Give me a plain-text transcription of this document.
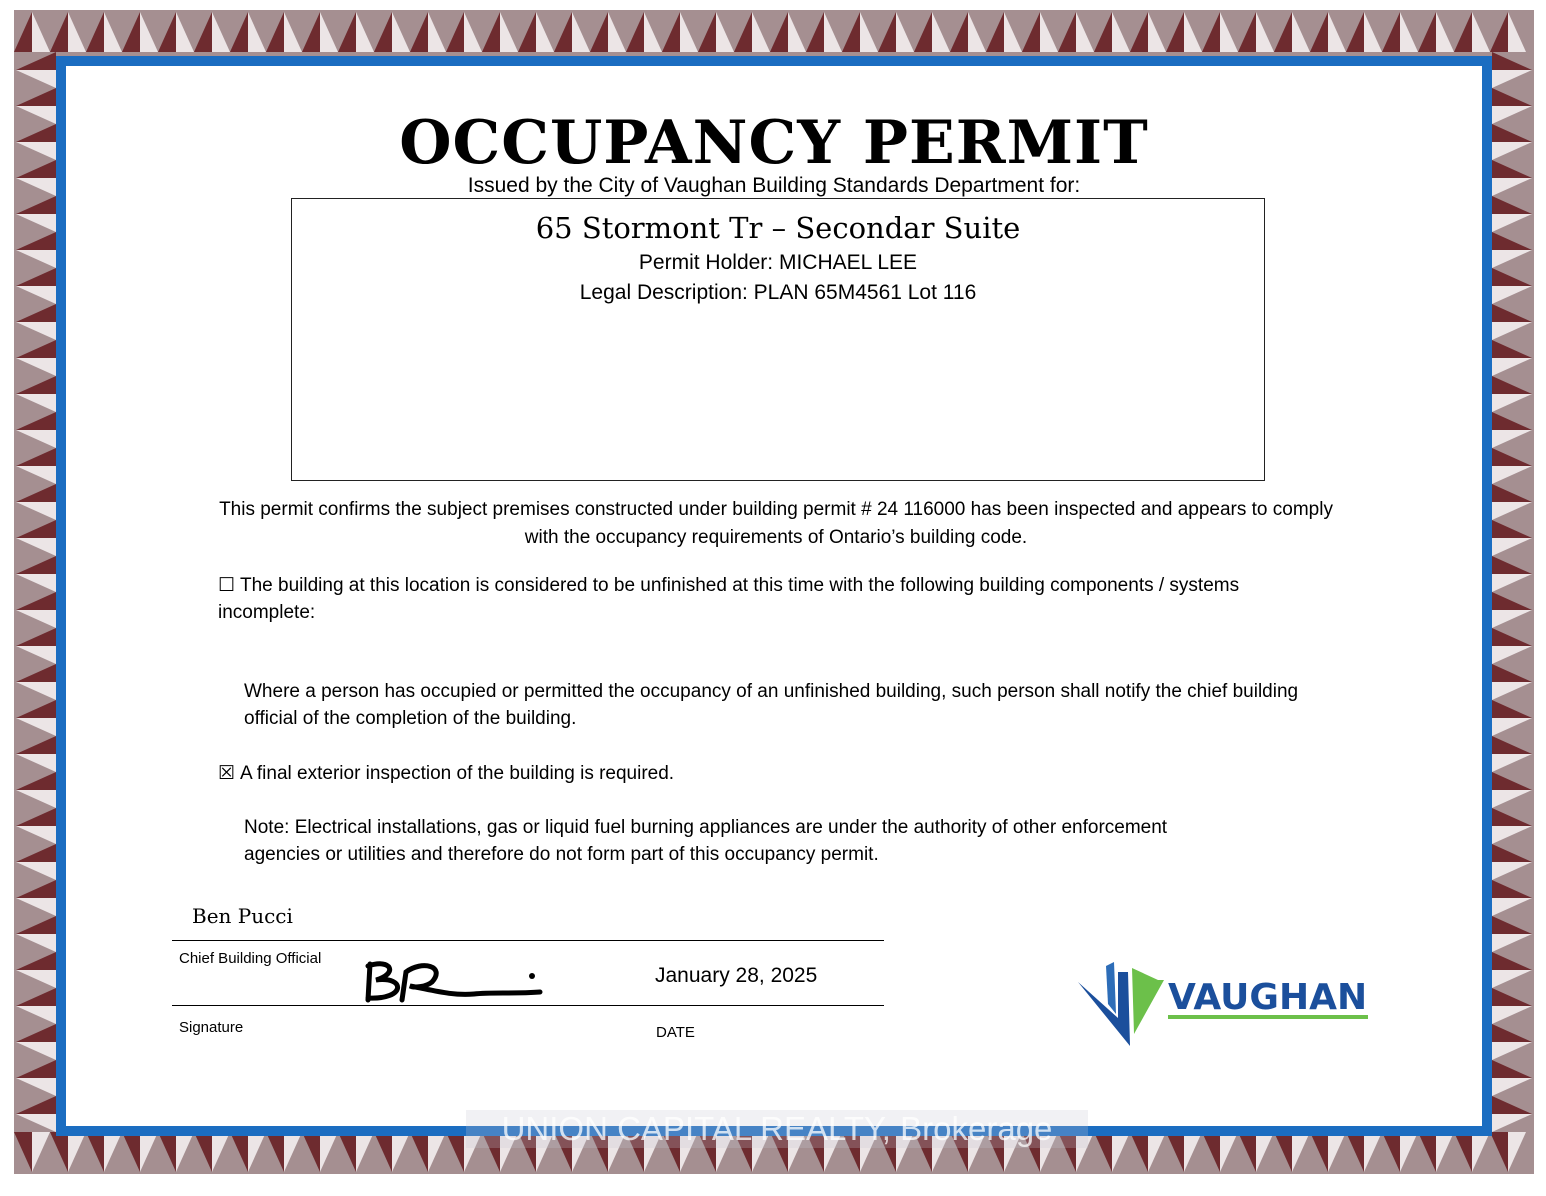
OCCUPANCY PERMIT
Issued by the City of Vaughan Building Standards Department for:
65 Stormont Tr – Secondar Suite
Permit Holder: MICHAEL LEE
Legal Description: PLAN 65M4561 Lot 116
This permit confirms the subject premises constructed under building permit # 24 116000 has been inspected and appears to comply with the occupancy requirements of Ontario’s building code.
☐ The building at this location is considered to be unfinished at this time with the following building components / systems incomplete:
Where a person has occupied or permitted the occupancy of an unfinished building, such person shall notify the chief building official of the completion of the building.
☒ A final exterior inspection of the building is required.
Note: Electrical installations, gas or liquid fuel burning appliances are under the authority of other enforcement agencies or utilities and therefore do not form part of this occupancy permit.
Ben Pucci
Chief Building Official
January 28, 2025
Signature	DATE
VAUGHAN
UNION CAPITAL REALTY, Brokerage
